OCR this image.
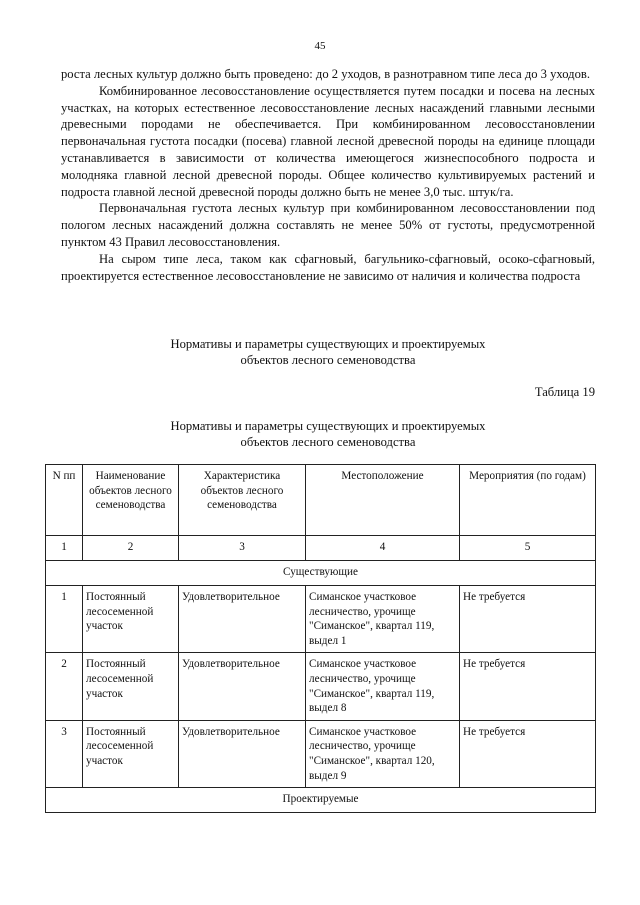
45

роста лесных культур должно быть проведено: до 2 уходов, в разнотравном типе леса до 3 уходов.

Комбинированное лесовосстановление осуществляется путем посадки и посева на лесных участках, на которых естественное лесовосстановление лесных насаждений главными лесными древесными породами не обеспечивается. При комбинированном лесовосстановлении первоначальная густота посадки (посева) главной лесной древесной породы на единице площади устанавливается в зависимости от количества имеющегося жизнеспособного подроста и молодняка главной лесной древесной породы. Общее количество культивируемых растений и подроста главной лесной древесной породы должно быть не менее 3,0 тыс. штук/га.

Первоначальная густота лесных культур при комбинированном лесовосстановлении под пологом лесных насаждений должна составлять не менее 50% от густоты, предусмотренной пунктом 43 Правил лесовосстановления.

На сыром типе леса, таком как сфагновый, багульнико-сфагновый, осоко-сфагновый, проектируется естественное лесовосстановление не зависимо от наличия и количества подроста

Нормативы и параметры существующих и проектируемых
объектов лесного семеноводства
Таблица 19
Нормативы и параметры существующих и проектируемых
объектов лесного семеноводства
N пп	Наименование объектов лесного семеноводства	Характеристика объектов лесного семеноводства	Местоположение	Мероприятия (по годам)
1	2	3	4	5
Существующие				
1	Постоянный лесосеменной участок	Удовлетворительное	Симанское участковое лесничество, урочище "Симанское", квартал 119, выдел 1	Не требуется
2	Постоянный лесосеменной участок	Удовлетворительное	Симанское участковое лесничество, урочище "Симанское", квартал 119, выдел 8	Не требуется
3	Постоянный лесосеменной участок	Удовлетворительное	Симанское участковое лесничество, урочище "Симанское", квартал 120, выдел 9	Не требуется
Проектируемые				
